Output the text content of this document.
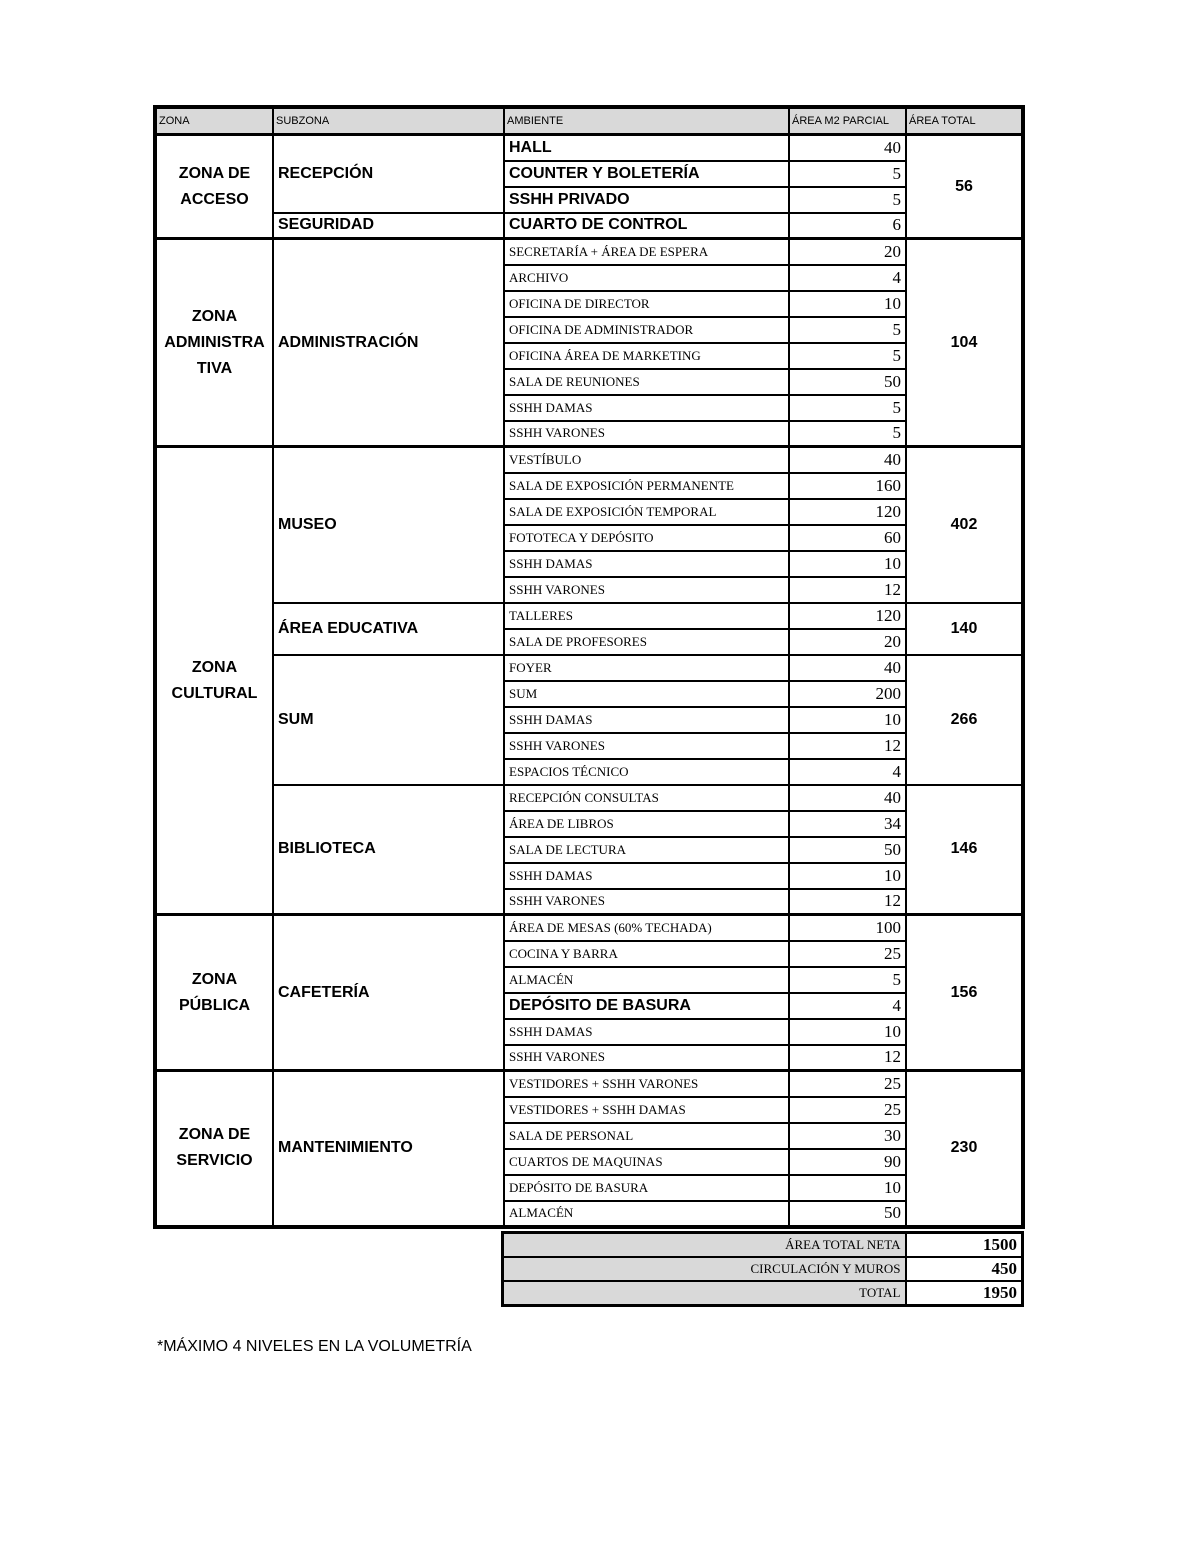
ZONA	SUBZONA	AMBIENTE	ÁREA M2 PARCIAL	ÁREA TOTAL
ZONA DE ACCESO	RECEPCIÓN	HALL	40	56
		COUNTER Y BOLETERÍA	5	
		SSHH PRIVADO	5	
	SEGURIDAD	CUARTO DE CONTROL	6	
ZONA ADMINISTRA TIVA	ADMINISTRACIÓN	SECRETARÍA + ÁREA DE ESPERA	20	104
		ARCHIVO	4	
		OFICINA DE DIRECTOR	10	
		OFICINA DE ADMINISTRADOR	5	
		OFICINA ÁREA DE MARKETING	5	
		SALA DE REUNIONES	50	
		SSHH DAMAS	5	
		SSHH VARONES	5	
ZONA CULTURAL	MUSEO	VESTÍBULO	40	402
		SALA DE EXPOSICIÓN PERMANENTE	160	
		SALA DE EXPOSICIÓN TEMPORAL	120	
		FOTOTECA Y DEPÓSITO	60	
		SSHH DAMAS	10	
		SSHH VARONES	12	
	ÁREA EDUCATIVA	TALLERES	120	140
		SALA DE PROFESORES	20	
	SUM	FOYER	40	266
		SUM	200	
		SSHH DAMAS	10	
		SSHH VARONES	12	
		ESPACIOS TÉCNICO	4	
	BIBLIOTECA	RECEPCIÓN CONSULTAS	40	146
		ÁREA DE LIBROS	34	
		SALA DE LECTURA	50	
		SSHH DAMAS	10	
		SSHH VARONES	12	
ZONA PÚBLICA	CAFETERÍA	ÁREA DE MESAS (60% TECHADA)	100	156
		COCINA Y BARRA	25	
		ALMACÉN	5	
		DEPÓSITO DE BASURA	4	
		SSHH DAMAS	10	
		SSHH VARONES	12	
ZONA DE SERVICIO	MANTENIMIENTO	VESTIDORES + SSHH VARONES	25	230
		VESTIDORES + SSHH DAMAS	25	
		SALA DE PERSONAL	30	
		CUARTOS DE MAQUINAS	90	
		DEPÓSITO DE BASURA	10	
		ALMACÉN	50	
ÁREA TOTAL NETA	1500
CIRCULACIÓN Y MUROS	450
TOTAL	1950
*MÁXIMO 4 NIVELES EN LA VOLUMETRÍA
